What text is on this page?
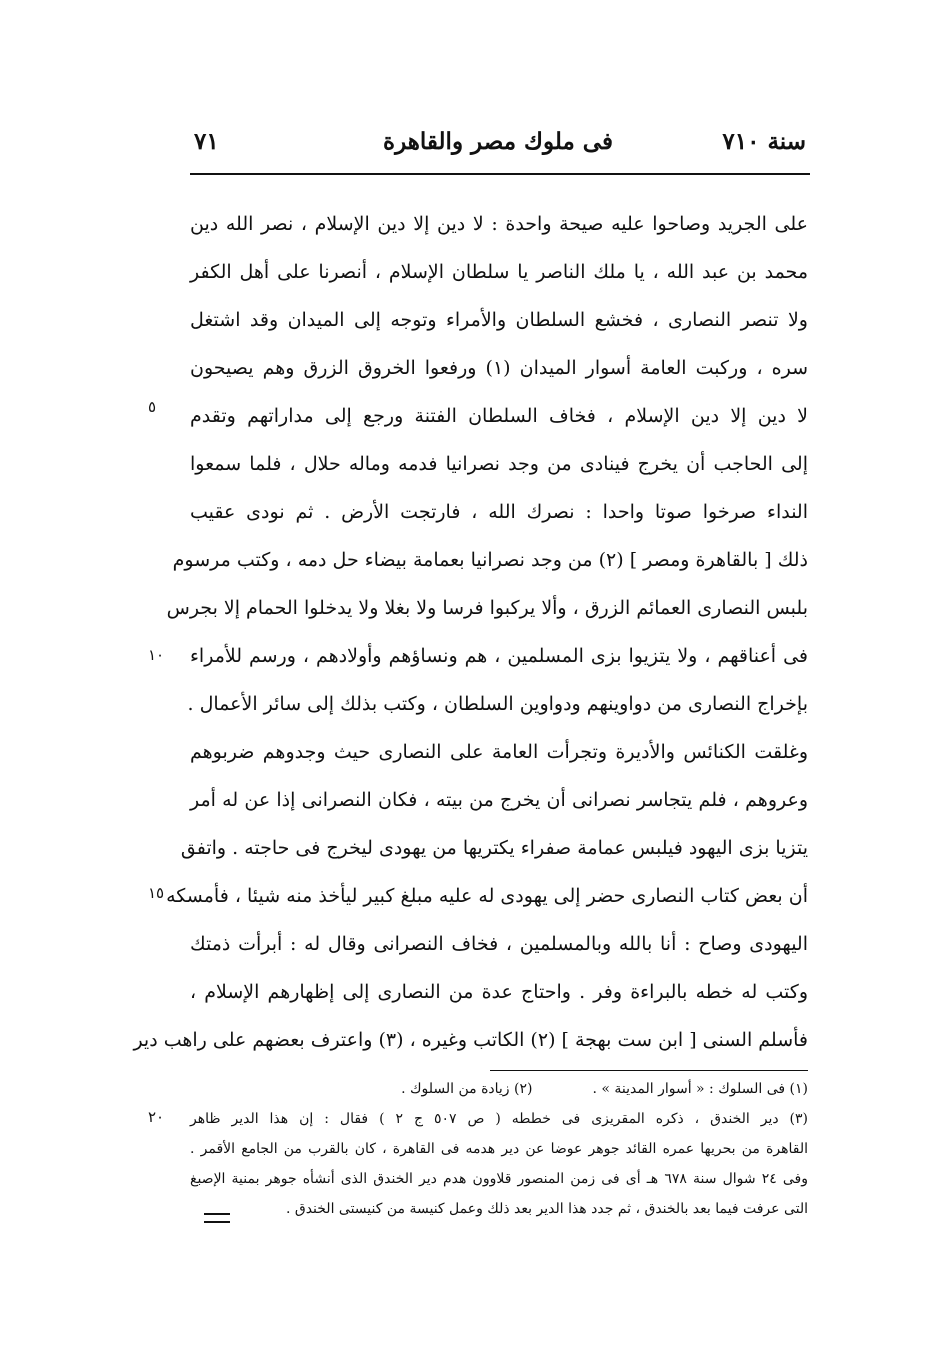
سنة ٧١٠
فى ملوك مصر والقاهرة
٧١
٥
١٠
١٥
٢٠
على الجريد وصاحوا عليه صيحة واحدة : لا دين إلا دين الإسلام ، نصر الله دين
محمد بن عبد الله ، يا ملك الناصر يا سلطان الإسلام ، أنصرنا على أهل الكفر
ولا تنصر النصارى ، فخشع السلطان والأمراء وتوجه إلى الميدان وقد اشتغل
سره ، وركبت العامة أسوار الميدان (١) ورفعوا الخروق الزرق وهم يصيحون
لا دين إلا دين الإسلام ، فخاف السلطان الفتنة ورجع إلى مداراتهم وتقدم
إلى الحاجب أن يخرج فينادى من وجد نصرانيا فدمه وماله حلال ، فلما سمعوا
النداء صرخوا صوتا واحدا : نصرك الله ، فارتجت الأرض . ثم نودى عقيب
ذلك [ بالقاهرة ومصر ] (٢) من وجد نصرانيا بعمامة بيضاء حل دمه ، وكتب مرسوم
بلبس النصارى العمائم الزرق ، وألا يركبوا فرسا ولا بغلا ولا يدخلوا الحمام إلا بجرس
فى أعناقهم ، ولا يتزيوا بزى المسلمين ، هم ونساؤهم وأولادهم ، ورسم للأمراء
بإخراج النصارى من دواوينهم ودواوين السلطان ، وكتب بذلك إلى سائر الأعمال .
وغلقت الكنائس والأديرة وتجرأت العامة على النصارى حيث وجدوهم ضربوهم
وعروهم ، فلم يتجاسر نصرانى أن يخرج من بيته ، فكان النصرانى إذا عن له أمر
يتزيا بزى اليهود فيلبس عمامة صفراء يكتريها من يهودى ليخرج فى حاجته . واتفق
أن بعض كتاب النصارى حضر إلى يهودى له عليه مبلغ كبير ليأخذ منه شيئا ، فأمسكه
اليهودى وصاح : أنا بالله وبالمسلمين ، فخاف النصرانى وقال له : أبرأت ذمتك
وكتب له خطه بالبراءة وفر . واحتاج عدة من النصارى إلى إظهارهم الإسلام ،
فأسلم السنى [ ابن ست بهجة ] (٢) الكاتب وغيره ، (٣) واعترف بعضهم على راهب دير
(١) فى السلوك : « أسوار المدينة » .(٢) زيادة من السلوك .
(٣) دير الخندق ، ذكره المقريزى فى خططه ( ص ٥٠٧ ج ٢ ) فقال : إن هذا الدير ظاهر
القاهرة من بحريها عمره القائد جوهر عوضا عن دير هدمه فى القاهرة ، كان بالقرب من الجامع الأقمر .
وفى ٢٤ شوال سنة ٦٧٨ هـ أى فى زمن المنصور قلاوون هدم دير الخندق الذى أنشأه جوهر بمنية الإصبغ
التى عرفت فيما بعد بالخندق ، ثم جدد هذا الدير بعد ذلك وعمل كنيسة من كنيستى الخندق .
